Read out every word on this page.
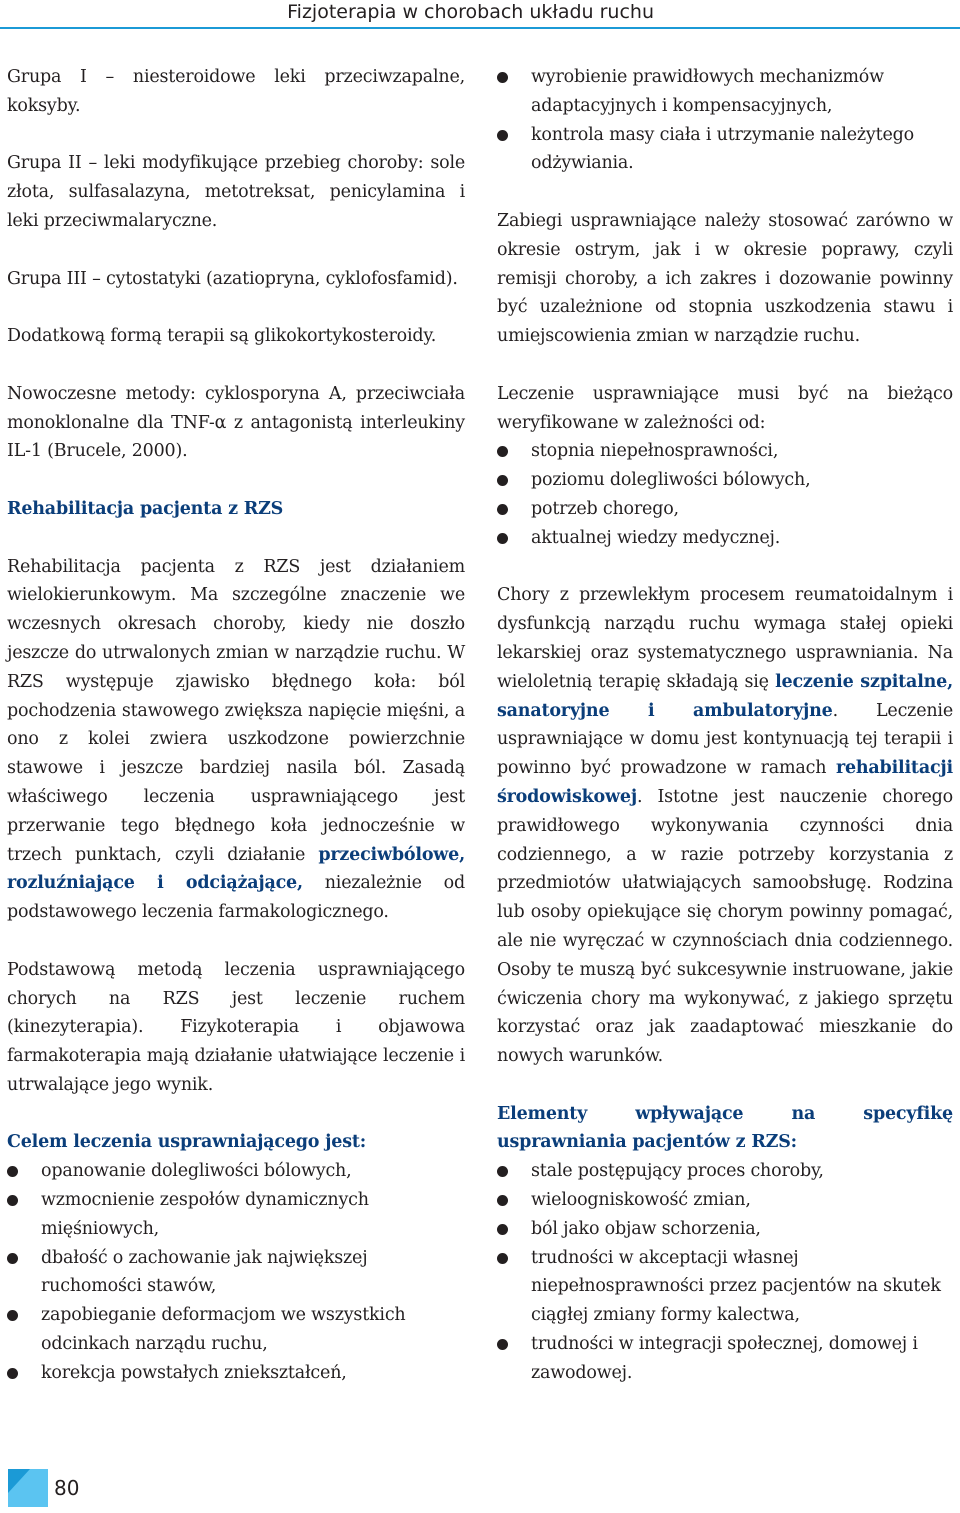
Fizjoterapia w chorobach układu ruchu

Grupa I – niesteroidowe leki przeciwzapalne, koksyby.

Grupa II – leki modyfikujące przebieg choroby: sole złota, sulfasalazyna, metotreksat, penicylamina i leki przeciwmalaryczne.

Grupa III – cytostatyki (azatiopryna, cyklofosfamid).

Dodatkową formą terapii są glikokortykosteroidy.

Nowoczesne metody: cyklosporyna A, przeciwciała monoklonalne dla TNF-α z antagonistą interleukiny IL-1 (Brucele, 2000).

Rehabilitacja pacjenta z RZS

Rehabilitacja pacjenta z RZS jest działaniem wielokierunkowym. Ma szczególne znaczenie we wczesnych okresach choroby, kiedy nie doszło jeszcze do utrwalonych zmian w narządzie ruchu. W RZS występuje zjawisko błędnego koła: ból pochodzenia stawowego zwiększa napięcie mięśni, a ono z kolei zwiera uszkodzone powierzchnie stawowe i jeszcze bardziej nasila ból. Zasadą właściwego leczenia usprawniającego jest przerwanie tego błędnego koła jednocześnie w trzech punktach, czyli działanie przeciwbólowe, rozluźniające i odciążające, niezależnie od podstawowego leczenia farmakologicznego.

Podstawową metodą leczenia usprawniającego chorych na RZS jest leczenie ruchem (kinezyterapia). Fizykoterapia i objawowa farmakoterapia mają działanie ułatwiające leczenie i utrwalające jego wynik.

Celem leczenia usprawniającego jest:

opanowanie dolegliwości bólowych,
wzmocnienie zespołów dynamicznych mięśniowych,
dbałość o zachowanie jak największej ruchomości stawów,
zapobieganie deformacjom we wszystkich odcinkach narządu ruchu,
korekcja powstałych zniekształceń,
wyrobienie prawidłowych mechanizmów adaptacyjnych i kompensacyjnych,
kontrola masy ciała i utrzymanie należytego odżywiania.

Zabiegi usprawniające należy stosować zarówno w okresie ostrym, jak i w okresie poprawy, czyli remisji choroby, a ich zakres i dozowanie powinny być uzależnione od stopnia uszkodzenia stawu i umiejscowienia zmian w narządzie ruchu.

Leczenie usprawniające musi być na bieżąco weryfikowane w zależności od:

stopnia niepełnosprawności,
poziomu dolegliwości bólowych,
potrzeb chorego,
aktualnej wiedzy medycznej.

Chory z przewlekłym procesem reumatoidalnym i dysfunkcją narządu ruchu wymaga stałej opieki lekarskiej oraz systematycznego usprawniania. Na wieloletnią terapię składają się leczenie szpitalne, sanatoryjne i ambulatoryjne. Leczenie usprawniające w domu jest kontynuacją tej terapii i powinno być prowadzone w ramach rehabilitacji środowiskowej. Istotne jest nauczenie chorego prawidłowego wykonywania czynności dnia codziennego, a w razie potrzeby korzystania z przedmiotów ułatwiających samoobsługę. Rodzina lub osoby opiekujące się chorym powinny pomagać, ale nie wyręczać w czynnościach dnia codziennego. Osoby te muszą być sukcesywnie instruowane, jakie ćwiczenia chory ma wykonywać, z jakiego sprzętu korzystać oraz jak zaadaptować mieszkanie do nowych warunków.

Elementy wpływające na specyfikę usprawniania pacjentów z RZS:

stale postępujący proces choroby,
wieloogniskowość zmian,
ból jako objaw schorzenia,
trudności w akceptacji własnej niepełnosprawności przez pacjentów na skutek ciągłej zmiany formy kalectwa,
trudności w integracji społecznej, domowej i zawodowej.
80
